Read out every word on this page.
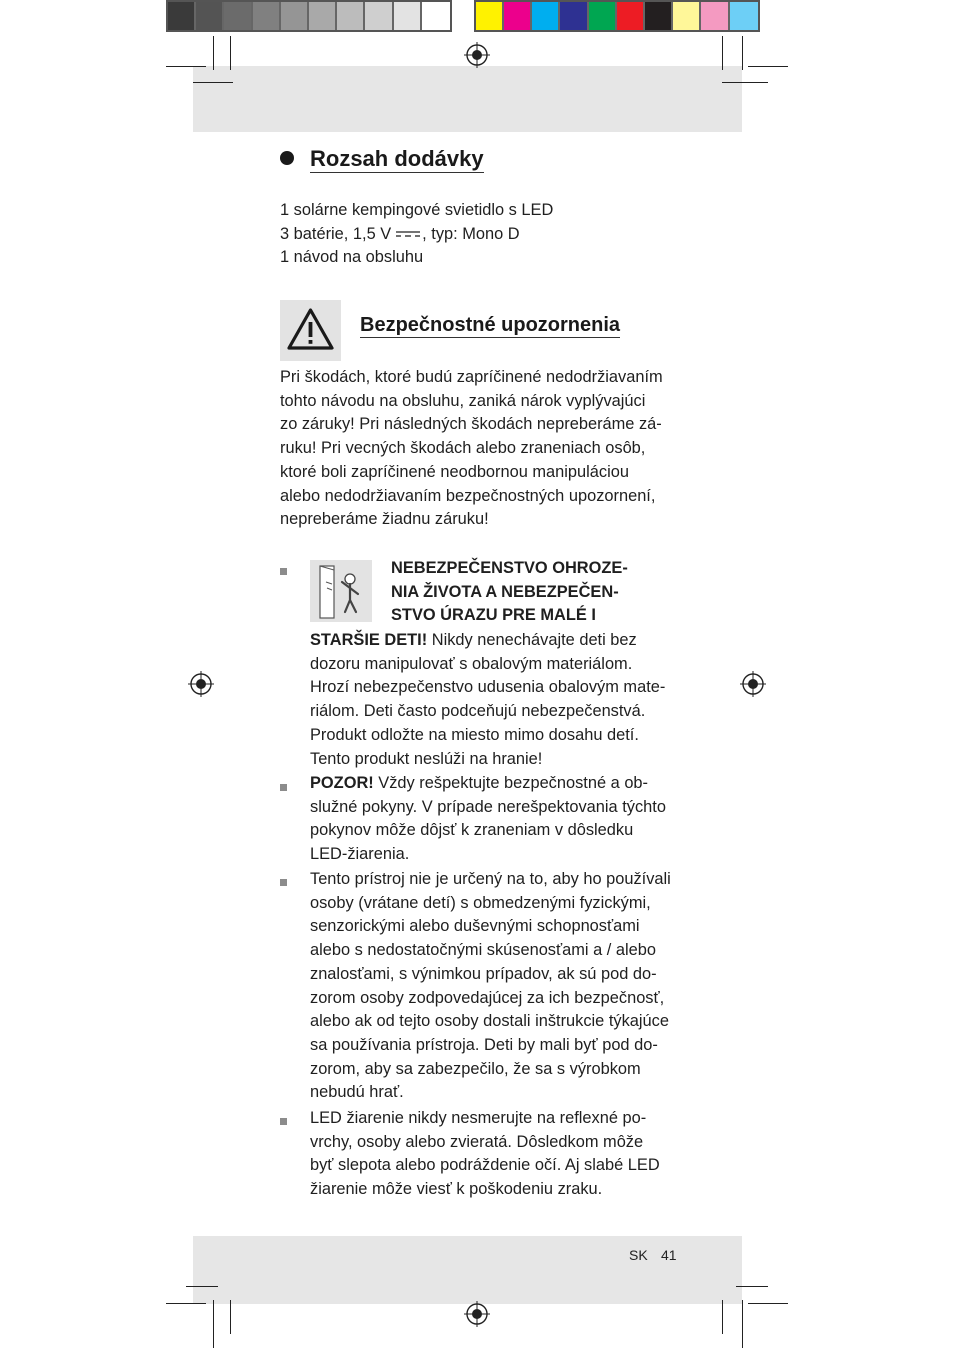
Rozsah dodávky

1 solárne kempingové svietidlo s LED

3 batérie, 1,5 V , typ: Mono D

1 návod na obsluhu

Bezpečnostné upozornenia

Pri škodách, ktoré budú zapríčinené nedodržiavaním

tohto návodu na obsluhu, zaniká nárok vyplývajúci

zo záruky! Pri následných škodách nepreberáme zá-

ruku! Pri vecných škodách alebo zraneniach osôb,

ktoré boli zapríčinené neodbornou manipuláciou

alebo nedodržiavaním bezpečnostných upozornení,

nepreberáme žiadnu záruku!

NEBEZPEČENSTVO OHROZE-

NIA ŽIVOTA A NEBEZPEČEN-

STVO ÚRAZU PRE MALÉ I

STARŠIE DETI! Nikdy nenechávajte deti bez

dozoru manipulovať s obalovým materiálom.

Hrozí nebezpečenstvo udusenia obalovým mate-

riálom. Deti často podceňujú nebezpečenstvá.

Produkt odložte na miesto mimo dosahu detí.

Tento produkt neslúži na hranie!

POZOR! Vždy rešpektujte bezpečnostné a ob-

služné pokyny. V prípade nerešpektovania týchto

pokynov môže dôjsť k zraneniam v dôsledku

LED-žiarenia.

Tento prístroj nie je určený na to, aby ho používali

osoby (vrátane detí) s obmedzenými fyzickými,

senzorickými alebo duševnými schopnosťami

alebo s nedostatočnými skúsenosťami a / alebo

znalosťami, s výnimkou prípadov, ak sú pod do-

zorom osoby zodpovedajúcej za ich bezpečnosť,

alebo ak od tejto osoby dostali inštrukcie týkajúce

sa používania prístroja. Deti by mali byť pod do-

zorom, aby sa zabezpečilo, že sa s výrobkom

nebudú hrať.

LED žiarenie nikdy nesmerujte na reflexné po-

vrchy, osoby alebo zvieratá. Dôsledkom môže

byť slepota alebo podráždenie očí. Aj slabé LED

žiarenie môže viesť k poškodeniu zraku.

SK 41
